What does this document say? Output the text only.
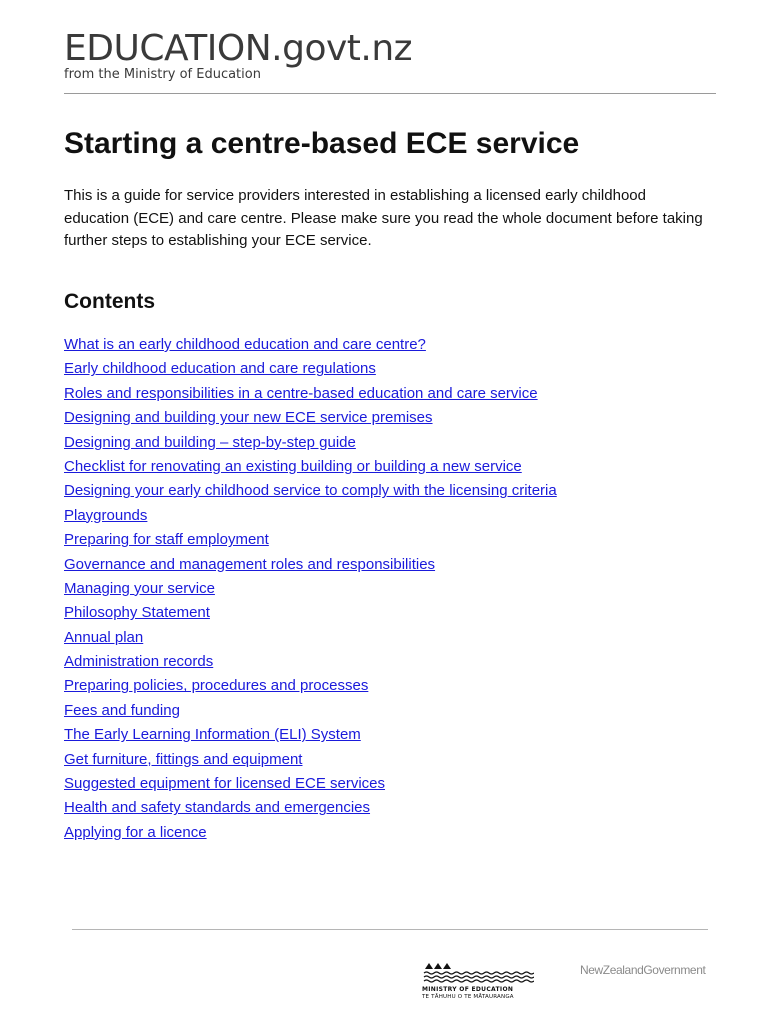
EDUCATION.govt.nz
from the Ministry of Education
Starting a centre-based ECE service

This is a guide for service providers interested in establishing a licensed early childhood education (ECE) and care centre. Please make sure you read the whole document before taking further steps to establishing your ECE service.

Contents
What is an early childhood education and care centre?
Early childhood education and care regulations
Roles and responsibilities in a centre-based education and care service
Designing and building your new ECE service premises
Designing and building – step-by-step guide
Checklist for renovating an existing building or building a new service
Designing your early childhood service to comply with the licensing criteria
Playgrounds
Preparing for staff employment
Governance and management roles and responsibilities
Managing your service
Philosophy Statement
Annual plan
Administration records
Preparing policies, procedures and processes
Fees and funding
The Early Learning Information (ELI) System
Get furniture, fittings and equipment
Suggested equipment for licensed ECE services
Health and safety standards and emergencies
Applying for a licence
MINISTRY OF EDUCATION
TE TĀHUHU O TE MĀTAURANGA
NewZealandGovernment
